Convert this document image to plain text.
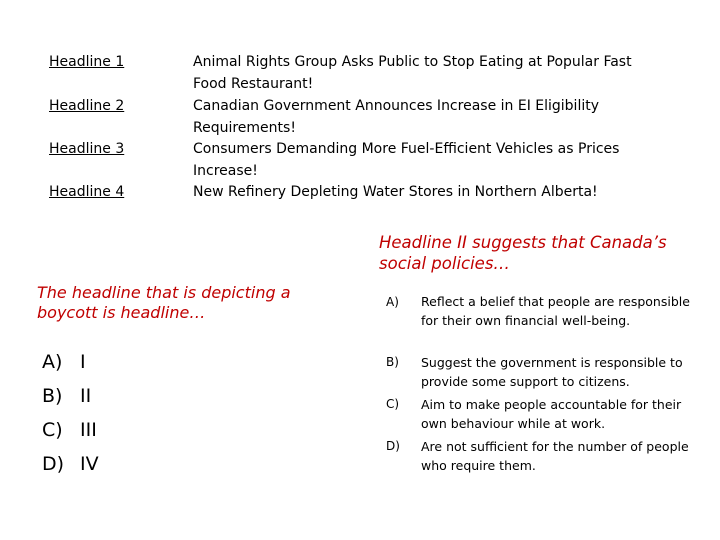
Headline 1
Headline 2
Headline 3
Headline 4
Animal Rights Group Asks Public to Stop Eating at Popular Fast Food Restaurant!
Canadian Government Announces Increase in EI Eligibility Requirements!
Consumers Demanding More Fuel-Efficient Vehicles as Prices Increase!
New Refinery Depleting Water Stores in Northern Alberta!
Headline II suggests that Canada’s social policies…
The headline that is depicting a boycott is headline…
A) I
B) II
C) III
D) IV
A)
B)
C)
D)
Reflect a belief that people are responsible for their own financial well-being.
Suggest the government is responsible to provide some support to citizens.
Aim to make people accountable for their own behaviour while at work.
Are not sufficient for the number of people who require them.
